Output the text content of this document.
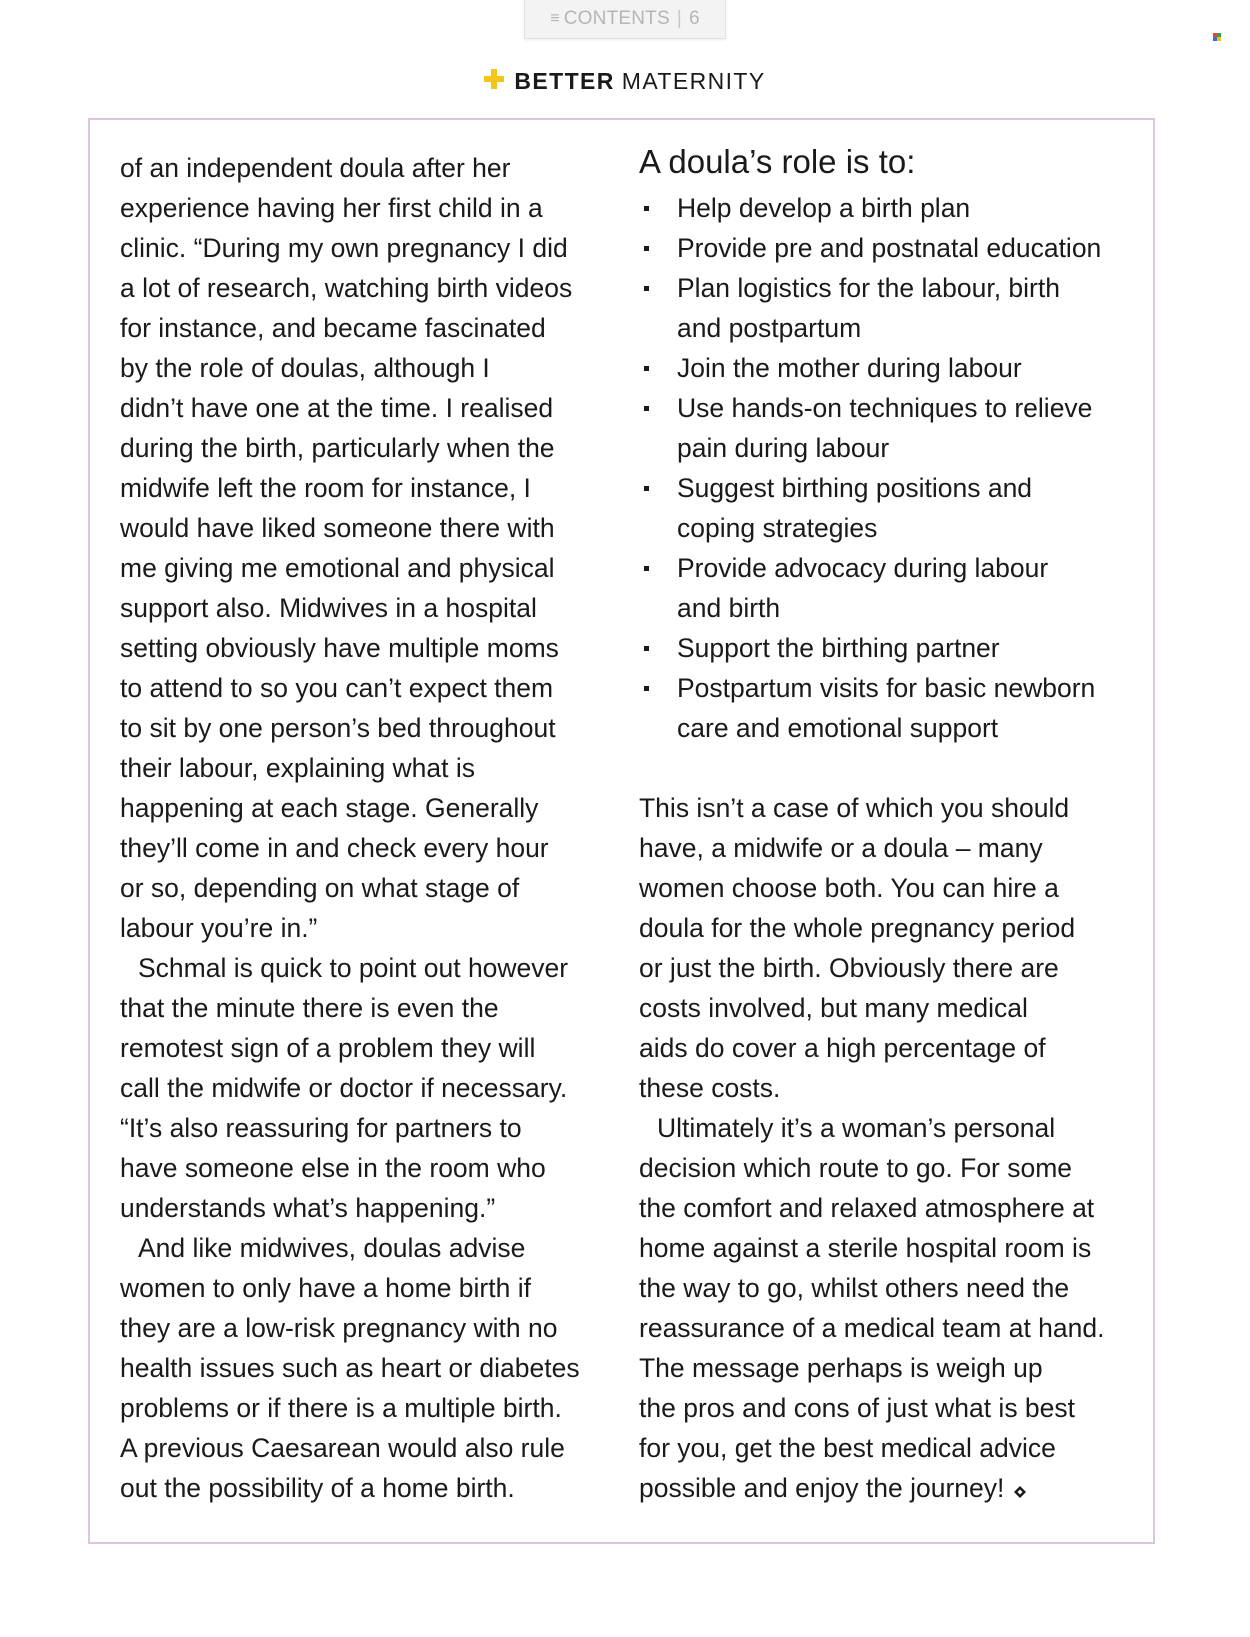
≡ CONTENTS | 6
BETTER MATERNITY

of an independent doula after her
experience having her first child in a
clinic. “During my own pregnancy I did
a lot of research, watching birth videos
for instance, and became fascinated
by the role of doulas, although I
didn’t have one at the time. I realised
during the birth, particularly when the
midwife left the room for instance, I
would have liked someone there with
me giving me emotional and physical
support also. Midwives in a hospital
setting obviously have multiple moms
to attend to so you can’t expect them
to sit by one person’s bed throughout
their labour, explaining what is
happening at each stage. Generally
they’ll come in and check every hour
or so, depending on what stage of
labour you’re in.”

Schmal is quick to point out however
that the minute there is even the
remotest sign of a problem they will
call the midwife or doctor if necessary.
“It’s also reassuring for partners to
have someone else in the room who
understands what’s happening.”

And like midwives, doulas advise
women to only have a home birth if
they are a low-risk pregnancy with no
health issues such as heart or diabetes
problems or if there is a multiple birth.
A previous Caesarean would also rule
out the possibility of a home birth.

A doula’s role is to:
Help develop a birth plan
Provide pre and postnatal education
Plan logistics for the labour, birth
and postpartum
Join the mother during labour
Use hands-on techniques to relieve
pain during labour
Suggest birthing positions and
coping strategies
Provide advocacy during labour
and birth
Support the birthing partner
Postpartum visits for basic newborn
care and emotional support

This isn’t a case of which you should
have, a midwife or a doula – many
women choose both. You can hire a
doula for the whole pregnancy period
or just the birth. Obviously there are
costs involved, but many medical
aids do cover a high percentage of
these costs.

Ultimately it’s a woman’s personal
decision which route to go. For some
the comfort and relaxed atmosphere at
home against a sterile hospital room is
the way to go, whilst others need the
reassurance of a medical team at hand.
The message perhaps is weigh up
the pros and cons of just what is best
for you, get the best medical advice
possible and enjoy the journey!
